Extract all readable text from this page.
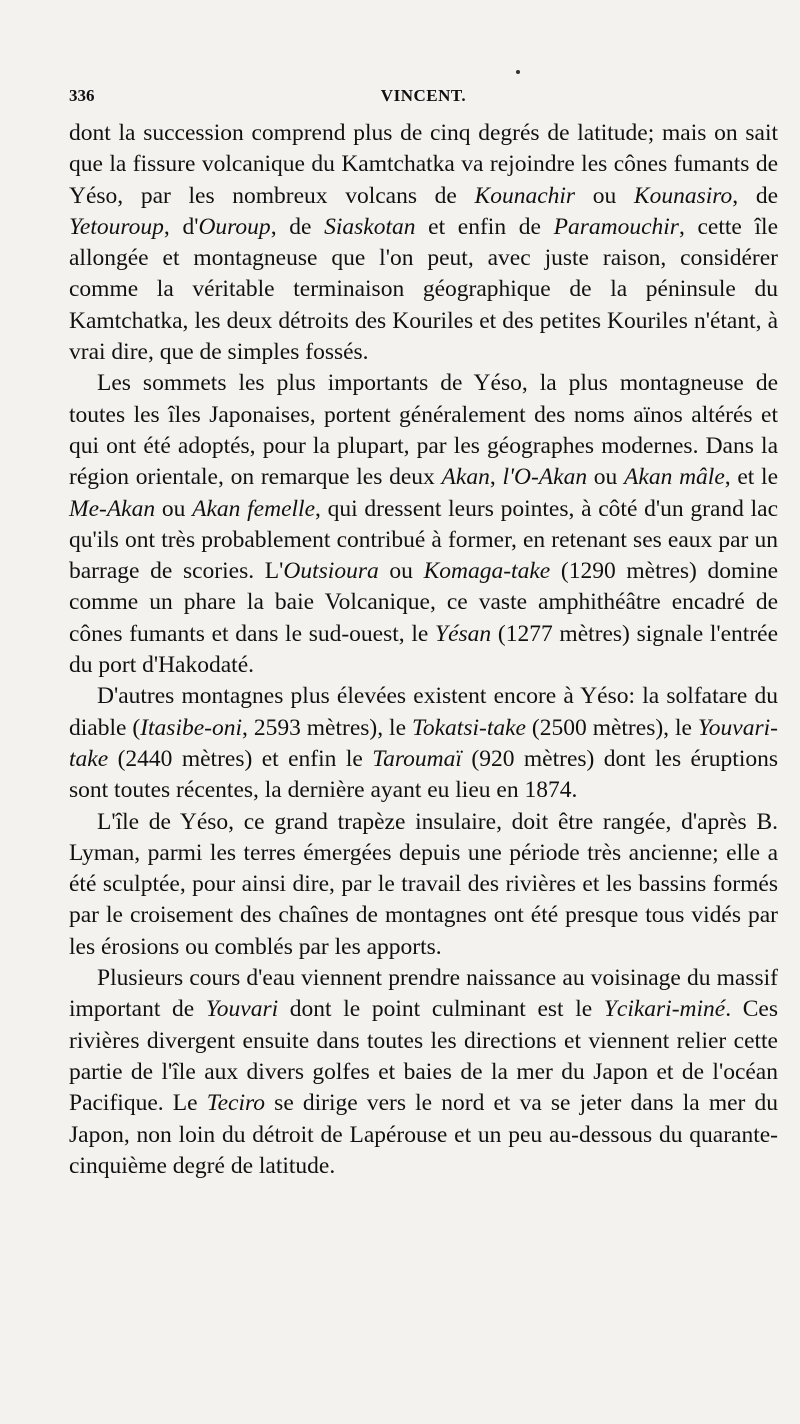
336	VINCENT.

dont la succession comprend plus de cinq degrés de latitude; mais on sait que la fissure volcanique du Kamtchatka va rejoindre les cônes fumants de Yéso, par les nombreux volcans de Kounachir ou Kounasiro, de Yetouroup, d'Ouroup, de Siaskotan et enfin de Paramouchir, cette île allongée et montagneuse que l'on peut, avec juste raison, considérer comme la véritable terminaison géographique de la péninsule du Kamtchatka, les deux détroits des Kouriles et des petites Kouriles n'étant, à vrai dire, que de simples fossés.

Les sommets les plus importants de Yéso, la plus montagneuse de toutes les îles Japonaises, portent généralement des noms aïnos altérés et qui ont été adoptés, pour la plupart, par les géographes modernes. Dans la région orientale, on remarque les deux Akan, l'O-Akan ou Akan mâle, et le Me-Akan ou Akan femelle, qui dressent leurs pointes, à côté d'un grand lac qu'ils ont très probablement contribué à former, en retenant ses eaux par un barrage de scories. L'Outsioura ou Komaga-take (1290 mètres) domine comme un phare la baie Volcanique, ce vaste amphithéâtre encadré de cônes fumants et dans le sud-ouest, le Yésan (1277 mètres) signale l'entrée du port d'Hakodaté.

D'autres montagnes plus élevées existent encore à Yéso: la solfatare du diable (Itasibe-oni, 2593 mètres), le Tokatsi-take (2500 mètres), le Youvari-take (2440 mètres) et enfin le Taroumaï (920 mètres) dont les éruptions sont toutes récentes, la dernière ayant eu lieu en 1874.

L'île de Yéso, ce grand trapèze insulaire, doit être rangée, d'après B. Lyman, parmi les terres émergées depuis une période très ancienne; elle a été sculptée, pour ainsi dire, par le travail des rivières et les bassins formés par le croisement des chaînes de montagnes ont été presque tous vidés par les érosions ou comblés par les apports.

Plusieurs cours d'eau viennent prendre naissance au voisinage du massif important de Youvari dont le point culminant est le Ycikari-miné. Ces rivières divergent ensuite dans toutes les directions et viennent relier cette partie de l'île aux divers golfes et baies de la mer du Japon et de l'océan Pacifique. Le Teciro se dirige vers le nord et va se jeter dans la mer du Japon, non loin du détroit de Lapérouse et un peu au-dessous du quarante-cinquième degré de latitude.
